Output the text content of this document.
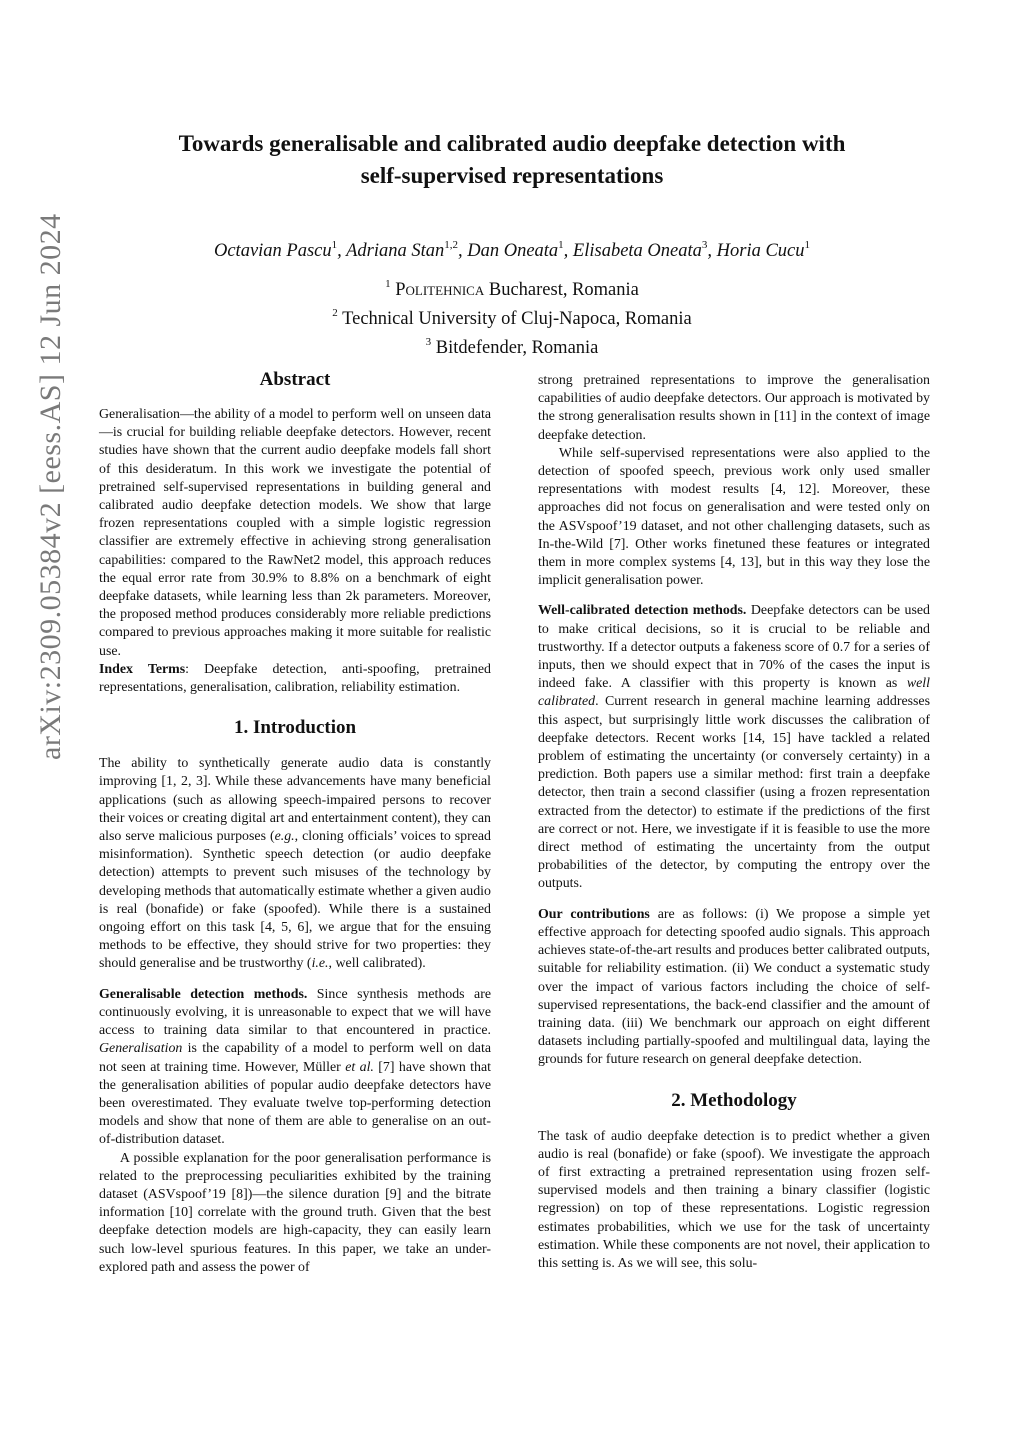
arXiv:2309.05384v2 [eess.AS] 12 Jun 2024
Towards generalisable and calibrated audio deepfake detection with
self-supervised representations
Octavian Pascu$^1$, Adriana Stan$^{1,2}$, Dan Oneata$^1$, Elisabeta Oneata$^3$, Horia Cucu$^1$
$^1$ Politehnica Bucharest, Romania
$^2$ Technical University of Cluj-Napoca, Romania
$^3$ Bitdefender, Romania
Abstract

Generalisation—the ability of a model to perform well on unseen data—is crucial for building reliable deepfake detectors. However, recent studies have shown that the current audio deepfake models fall short of this desideratum. In this work we investigate the potential of pretrained self-supervised representations in building general and calibrated audio deepfake detection models. We show that large frozen representations coupled with a simple logistic regression classifier are extremely effective in achieving strong generalisation capabilities: compared to the RawNet2 model, this approach reduces the equal error rate from 30.9% to 8.8% on a benchmark of eight deepfake datasets, while learning less than 2k parameters. Moreover, the proposed method produces considerably more reliable predictions compared to previous approaches making it more suitable for realistic use.

Index Terms: Deepfake detection, anti-spoofing, pretrained representations, generalisation, calibration, reliability estimation.

1. Introduction

The ability to synthetically generate audio data is constantly improving [1, 2, 3]. While these advancements have many beneficial applications (such as allowing speech-impaired persons to recover their voices or creating digital art and entertainment content), they can also serve malicious purposes (e.g., cloning officials’ voices to spread misinformation). Synthetic speech detection (or audio deepfake detection) attempts to prevent such misuses of the technology by developing methods that automatically estimate whether a given audio is real (bonafide) or fake (spoofed). While there is a sustained ongoing effort on this task [4, 5, 6], we argue that for the ensuing methods to be effective, they should strive for two properties: they should generalise and be trustworthy (i.e., well calibrated).

Generalisable detection methods. Since synthesis methods are continuously evolving, it is unreasonable to expect that we will have access to training data similar to that encountered in practice. Generalisation is the capability of a model to perform well on data not seen at training time. However, Müller et al. [7] have shown that the generalisation abilities of popular audio deepfake detectors have been overestimated. They evaluate twelve top-performing detection models and show that none of them are able to generalise on an out-of-distribution dataset.

A possible explanation for the poor generalisation performance is related to the preprocessing peculiarities exhibited by the training dataset (ASVspoof’19 [8])—the silence duration [9] and the bitrate information [10] correlate with the ground truth. Given that the best deepfake detection models are high-capacity, they can easily learn such low-level spurious features. In this paper, we take an under-explored path and assess the power of

strong pretrained representations to improve the generalisation capabilities of audio deepfake detectors. Our approach is motivated by the strong generalisation results shown in [11] in the context of image deepfake detection.

While self-supervised representations were also applied to the detection of spoofed speech, previous work only used smaller representations with modest results [4, 12]. Moreover, these approaches did not focus on generalisation and were tested only on the ASVspoof’19 dataset, and not other challenging datasets, such as In-the-Wild [7]. Other works finetuned these features or integrated them in more complex systems [4, 13], but in this way they lose the implicit generalisation power.

Well-calibrated detection methods. Deepfake detectors can be used to make critical decisions, so it is crucial to be reliable and trustworthy. If a detector outputs a fakeness score of 0.7 for a series of inputs, then we should expect that in 70% of the cases the input is indeed fake. A classifier with this property is known as well calibrated. Current research in general machine learning addresses this aspect, but surprisingly little work discusses the calibration of deepfake detectors. Recent works [14, 15] have tackled a related problem of estimating the uncertainty (or conversely certainty) in a prediction. Both papers use a similar method: first train a deepfake detector, then train a second classifier (using a frozen representation extracted from the detector) to estimate if the predictions of the first are correct or not. Here, we investigate if it is feasible to use the more direct method of estimating the uncertainty from the output probabilities of the detector, by computing the entropy over the outputs.

Our contributions are as follows: (i) We propose a simple yet effective approach for detecting spoofed audio signals. This approach achieves state-of-the-art results and produces better calibrated outputs, suitable for reliability estimation. (ii) We conduct a systematic study over the impact of various factors including the choice of self-supervised representations, the back-end classifier and the amount of training data. (iii) We benchmark our approach on eight different datasets including partially-spoofed and multilingual data, laying the grounds for future research on general deepfake detection.

2. Methodology

The task of audio deepfake detection is to predict whether a given audio is real (bonafide) or fake (spoof). We investigate the approach of first extracting a pretrained representation using frozen self-supervised models and then training a binary classifier (logistic regression) on top of these representations. Logistic regression estimates probabilities, which we use for the task of uncertainty estimation. While these components are not novel, their application to this setting is. As we will see, this solu-
